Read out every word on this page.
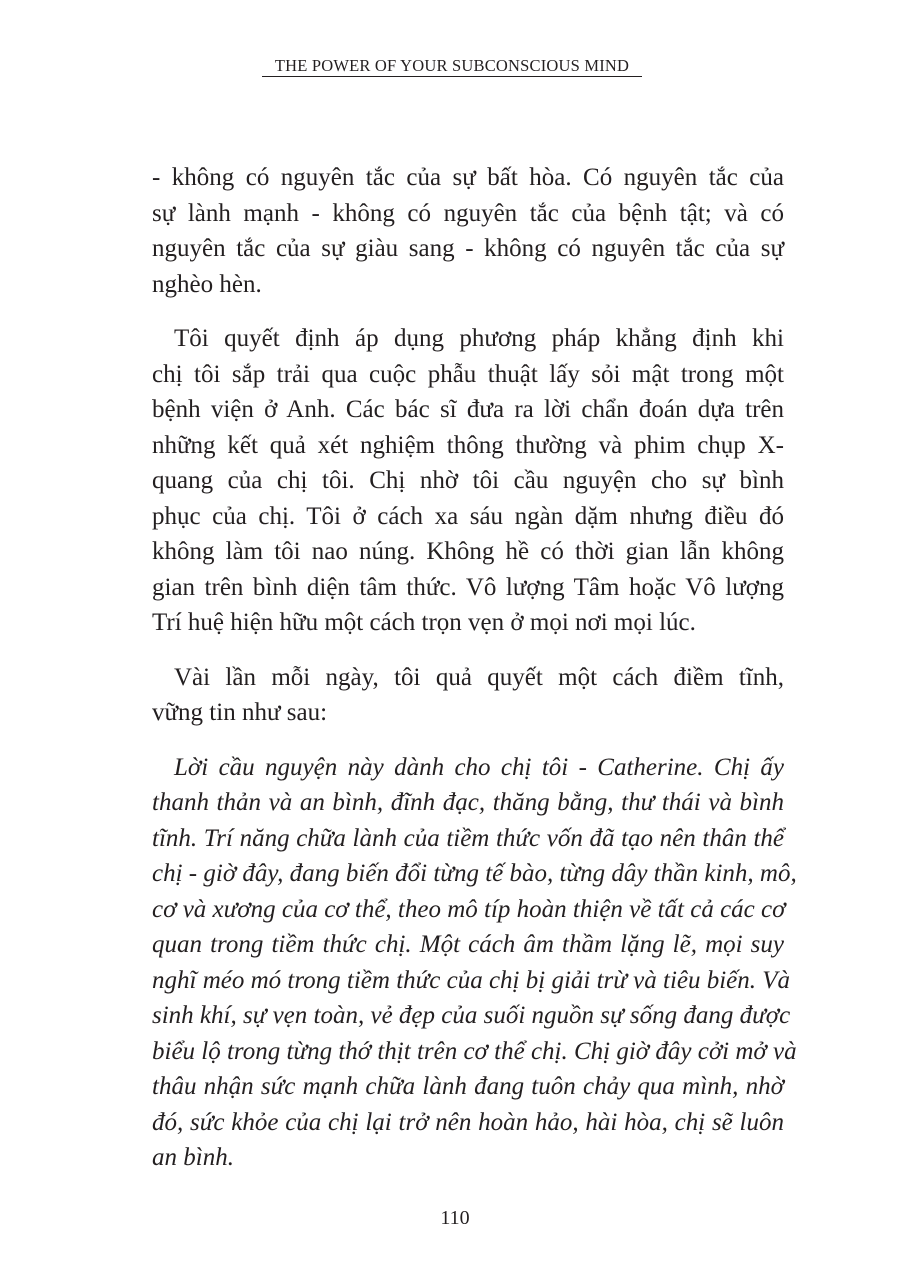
THE POWER OF YOUR SUBCONSCIOUS MIND

- không có nguyên tắc của sự bất hòa. Có nguyên tắc của
sự lành mạnh - không có nguyên tắc của bệnh tật; và có
nguyên tắc của sự giàu sang - không có nguyên tắc của sự
nghèo hèn.

Tôi quyết định áp dụng phương pháp khẳng định khi
chị tôi sắp trải qua cuộc phẫu thuật lấy sỏi mật trong một
bệnh viện ở Anh. Các bác sĩ đưa ra lời chẩn đoán dựa trên
những kết quả xét nghiệm thông thường và phim chụp X-
quang của chị tôi. Chị nhờ tôi cầu nguyện cho sự bình
phục của chị. Tôi ở cách xa sáu ngàn dặm nhưng điều đó
không làm tôi nao núng. Không hề có thời gian lẫn không
gian trên bình diện tâm thức. Vô lượng Tâm hoặc Vô lượng
Trí huệ hiện hữu một cách trọn vẹn ở mọi nơi mọi lúc.

Vài lần mỗi ngày, tôi quả quyết một cách điềm tĩnh,
vững tin như sau:

Lời cầu nguyện này dành cho chị tôi - Catherine. Chị ấy
thanh thản và an bình, đĩnh đạc, thăng bằng, thư thái và bình
tĩnh. Trí năng chữa lành của tiềm thức vốn đã tạo nên thân thể
chị - giờ đây, đang biến đổi từng tế bào, từng dây thần kinh, mô,
cơ và xương của cơ thể, theo mô típ hoàn thiện về tất cả các cơ
quan trong tiềm thức chị. Một cách âm thầm lặng lẽ, mọi suy
nghĩ méo mó trong tiềm thức của chị bị giải trừ và tiêu biến. Và
sinh khí, sự vẹn toàn, vẻ đẹp của suối nguồn sự sống đang được
biểu lộ trong từng thớ thịt trên cơ thể chị. Chị giờ đây cởi mở và
thâu nhận sức mạnh chữa lành đang tuôn chảy qua mình, nhờ
đó, sức khỏe của chị lại trở nên hoàn hảo, hài hòa, chị sẽ luôn
an bình.

110
